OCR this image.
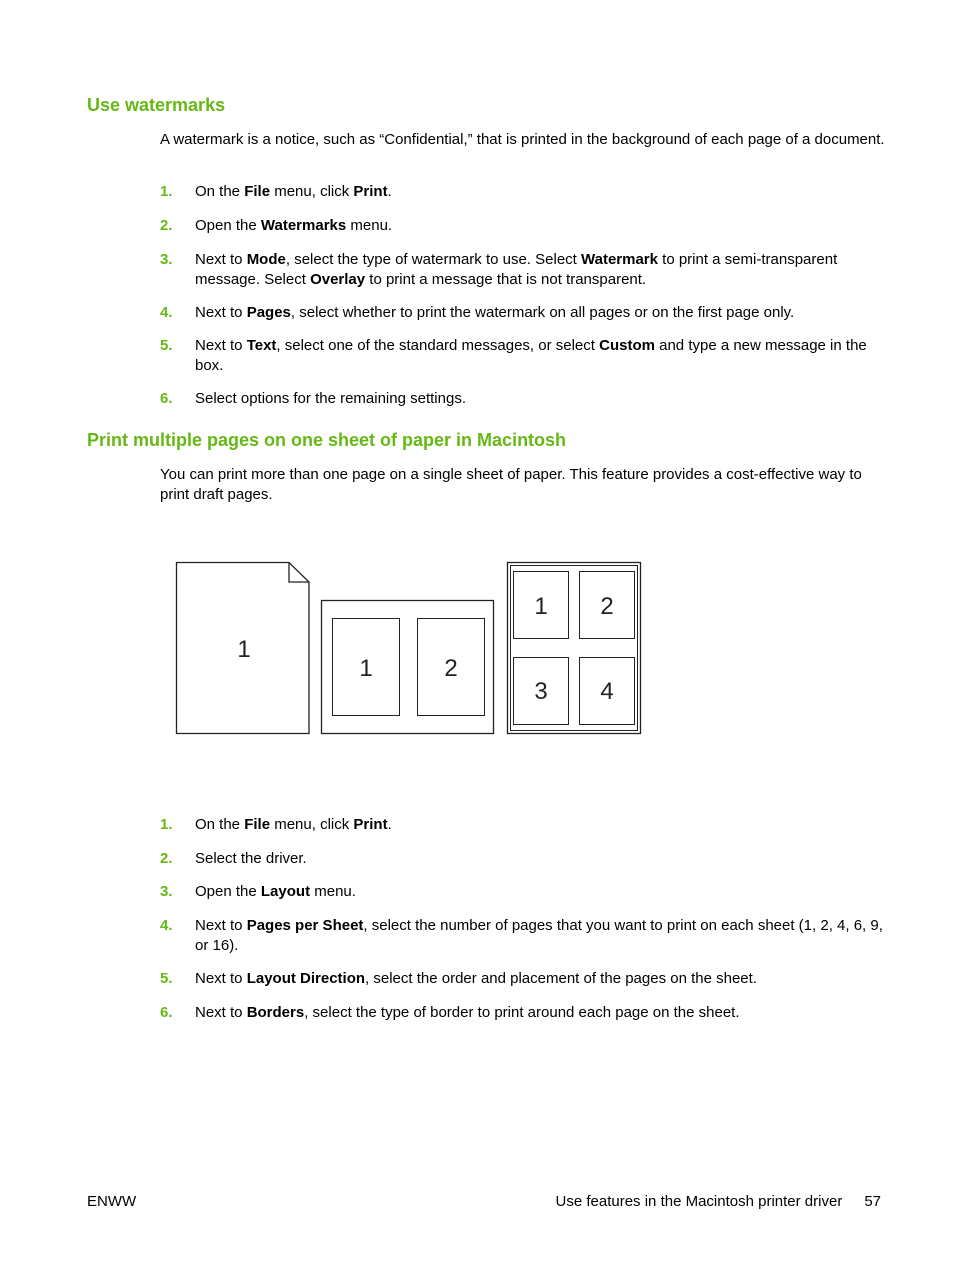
Use watermarks

A watermark is a notice, such as “Confidential,” that is printed in the background of each page of a document.

1. On the File menu, click Print.
2. Open the Watermarks menu.
3. Next to Mode, select the type of watermark to use. Select Watermark to print a semi-transparent message. Select Overlay to print a message that is not transparent.
4. Next to Pages, select whether to print the watermark on all pages or on the first page only.
5. Next to Text, select one of the standard messages, or select Custom and type a new message in the box.
6. Select options for the remaining settings.
Print multiple pages on one sheet of paper in Macintosh

You can print more than one page on a single sheet of paper. This feature provides a cost-effective way to print draft pages.

1
1	2
1 2
3 4
1. On the File menu, click Print.
2. Select the driver.
3. Open the Layout menu.
4. Next to Pages per Sheet, select the number of pages that you want to print on each sheet (1, 2, 4, 6, 9, or 16).
5. Next to Layout Direction, select the order and placement of the pages on the sheet.
6. Next to Borders, select the type of border to print around each page on the sheet.
ENWW	Use features in the Macintosh printer driver 57
